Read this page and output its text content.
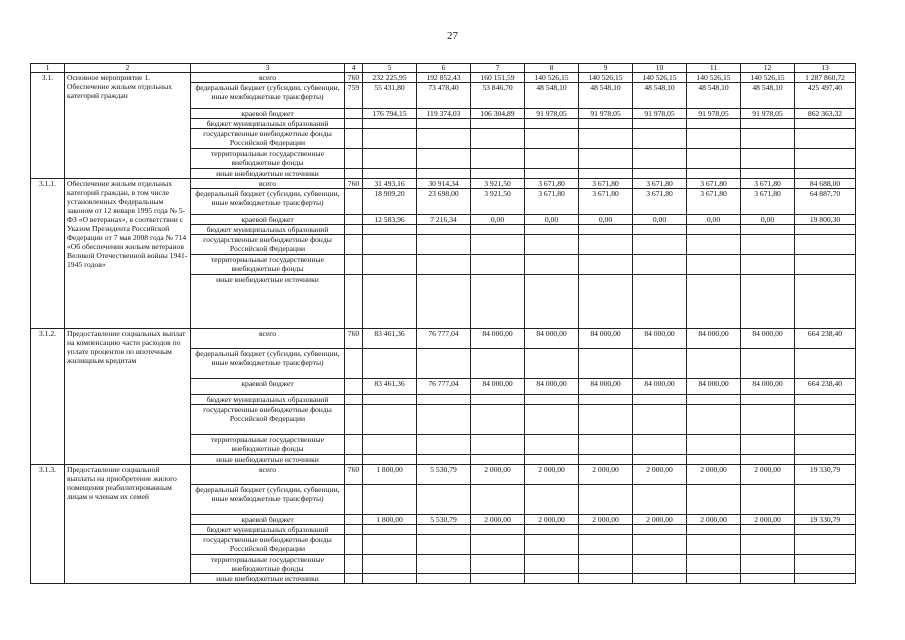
27
1	2	3	4	5	6	7	8	9	10	11	12	13
3.1.	Основное мероприятие 1. Обеспечение жильем отдельных категорий граждан	всего	760	232 225,95	192 852,43	160 151,59	140 526,15	140 526,15	140 526,15	140 526,15	140 526,15	1 287 860,72
		федеральный бюджет (субсидии, субвенции, иные межбюджетные трансферты)	759	55 431,80	73 478,40	53 846,70	48 548,10	48 548,10	48 548,10	48 548,10	48 548,10	425 497,40
		краевой бюджет		176 794,15	119 374,03	106 304,89	91 978,05	91 978,05	91 978,05	91 978,05	91 978,05	862 363,32
		бюджет муниципальных образований										
		государственные внебюджетные фонды Российской Федерации										
		территориальные государственные внебюджетные фонды										
		иные внебюджетные источники										
3.1.1.	Обеспечение жильем отдельных категорий граждан, в том числе установленных Федеральным законом от 12 января 1995 года № 5-ФЗ «О ветеранах», в соответствии с Указом Президента Российской Федерации от 7 мая 2008 года № 714 «Об обеспечении жильем ветеранов Великой Отечественной войны 1941-1945 годов»	всего	760	31 493,16	30 914,34	3 921,50	3 671,80	3 671,80	3 671,80	3 671,80	3 671,80	84 688,00
		федеральный бюджет (субсидии, субвенции, иные межбюджетные трансферты)		18 909,20	23 698,00	3 921,50	3 671,80	3 671,80	3 671,80	3 671,80	3 671,80	64 887,70
		краевой бюджет		12 583,96	7 216,34	0,00	0,00	0,00	0,00	0,00	0,00	19 800,30
		бюджет муниципальных образований										
		государственные внебюджетные фонды Российской Федерации										
		территориальные государственные внебюджетные фонды										
		иные внебюджетные источники										
3.1.2.	Предоставление социальных выплат на компенсацию части расходов по уплате процентов по ипотечным жилищным кредитам	всего	760	83 461,36	76 777,04	84 000,00	84 000,00	84 000,00	84 000,00	84 000,00	84 000,00	664 238,40
		федеральный бюджет (субсидии, субвенции, иные межбюджетные трансферты)										
		краевой бюджет		83 461,36	76 777,04	84 000,00	84 000,00	84 000,00	84 000,00	84 000,00	84 000,00	664 238,40
		бюджет муниципальных образований										
		государственные внебюджетные фонды Российской Федерации										
		территориальные государственные внебюджетные фонды										
		иные внебюджетные источники										
3.1.3.	Предоставление социальной выплаты на приобретение жилого помещения реабилитированным лицам и членам их семей	всего	760	1 800,00	5 530,79	2 000,00	2 000,00	2 000,00	2 000,00	2 000,00	2 000,00	19 330,79
		федеральный бюджет (субсидии, субвенции, иные межбюджетные трансферты)										
		краевой бюджет		1 800,00	5 530,79	2 000,00	2 000,00	2 000,00	2 000,00	2 000,00	2 000,00	19 330,79
		бюджет муниципальных образований										
		государственные внебюджетные фонды Российской Федерации										
		территориальные государственные внебюджетные фонды										
		иные внебюджетные источники										
